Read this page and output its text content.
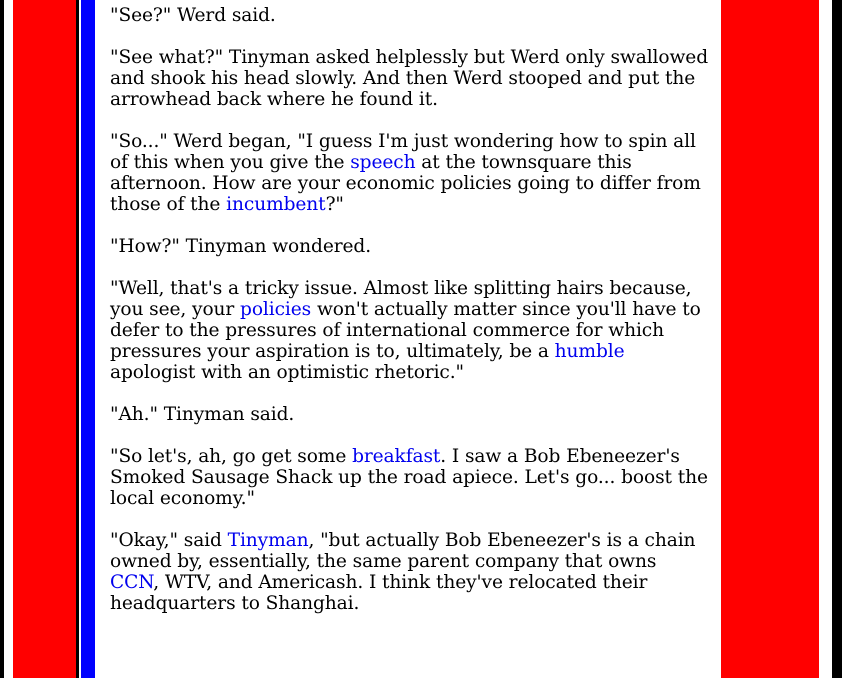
"See?" Werd said.

"See what?" Tinyman asked helplessly but Werd only swallowed and shook his head slowly. And then Werd stooped and put the arrowhead back where he found it.

"So..." Werd began, "I guess I'm just wondering how to spin all of this when you give the speech at the townsquare this afternoon. How are your economic policies going to differ from those of the incumbent?"

"How?" Tinyman wondered.

"Well, that's a tricky issue. Almost like splitting hairs because, you see, your policies won't actually matter since you'll have to defer to the pressures of international commerce for which pressures your aspiration is to, ultimately, be a humble apologist with an optimistic rhetoric."

"Ah." Tinyman said.

"So let's, ah, go get some breakfast. I saw a Bob Ebeneezer's Smoked Sausage Shack up the road apiece. Let's go... boost the local economy."

"Okay," said Tinyman, "but actually Bob Ebeneezer's is a chain owned by, essentially, the same parent company that owns CCN, WTV, and Americash. I think they've relocated their headquarters to Shanghai.
